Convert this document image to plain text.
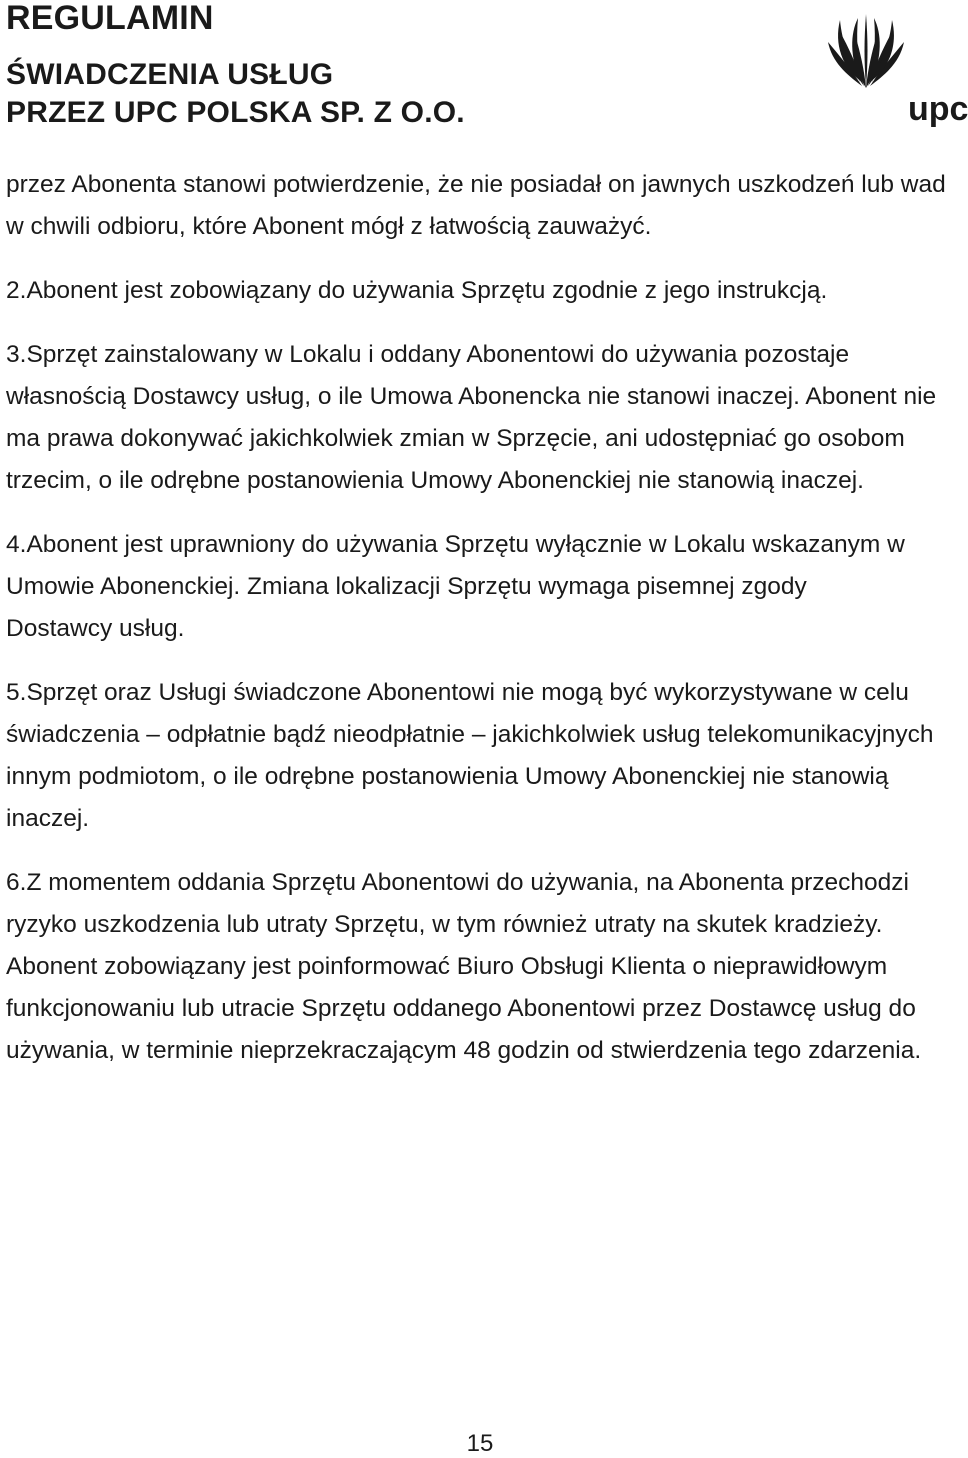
REGULAMIN
ŚWIADCZENIA USŁUG
PRZEZ UPC POLSKA SP. Z O.O.	upc

przez Abonenta stanowi potwierdzenie, że nie posiadał on jawnych uszkodzeń lub wad w chwili odbioru, które Abonent mógł z łatwością zauważyć.

2.Abonent jest zobowiązany do używania Sprzętu zgodnie z jego instrukcją.

3.Sprzęt zainstalowany w Lokalu i oddany Abonentowi do używania pozostaje własnością Dostawcy usług, o ile Umowa Abonencka nie stanowi inaczej. Abonent nie ma prawa dokonywać jakichkolwiek zmian w Sprzęcie, ani udostępniać go osobom trzecim, o ile odrębne postanowienia Umowy Abonenckiej nie stanowią inaczej.

4.Abonent jest uprawniony do używania Sprzętu wyłącznie w Lokalu wskazanym w Umowie Abonenckiej. Zmiana lokalizacji Sprzętu wymaga pisemnej zgody
Dostawcy usług.

5.Sprzęt oraz Usługi świadczone Abonentowi nie mogą być wykorzystywane w celu świadczenia – odpłatnie bądź nieodpłatnie – jakichkolwiek usług telekomunikacyjnych innym podmiotom, o ile odrębne postanowienia Umowy Abonenckiej nie stanowią inaczej.

6.Z momentem oddania Sprzętu Abonentowi do używania, na Abonenta przechodzi ryzyko uszkodzenia lub utraty Sprzętu, w tym również utraty na skutek kradzieży. Abonent zobowiązany jest poinformować Biuro Obsługi Klienta o nieprawidłowym funkcjonowaniu lub utracie Sprzętu oddanego Abonentowi przez Dostawcę usług do używania, w terminie nieprzekraczającym 48 godzin od stwierdzenia tego zdarzenia.

15
